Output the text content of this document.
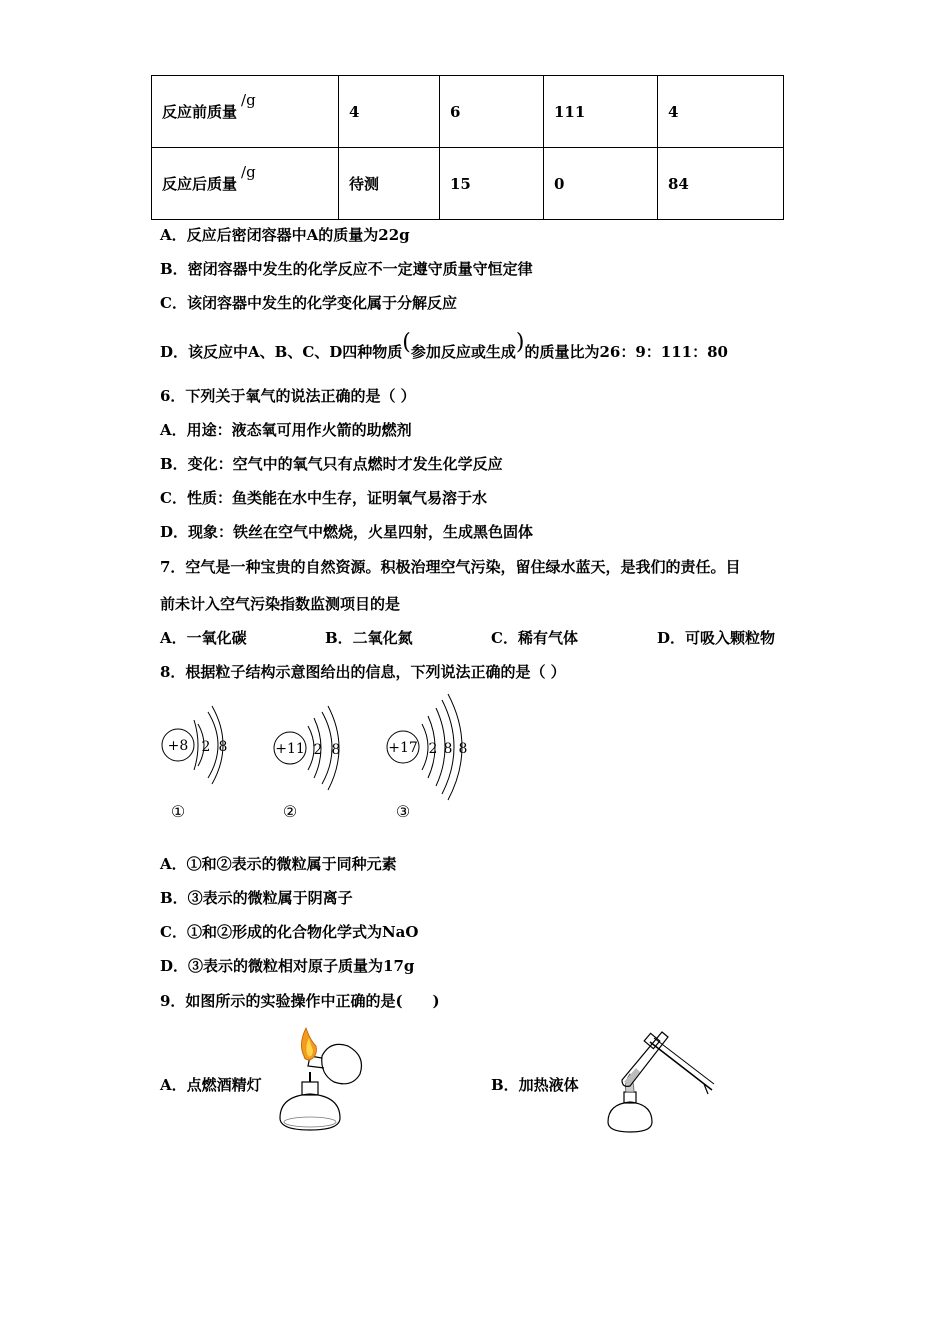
反应前质量/g	4	6	111	4
反应后质量/g	待测	15	0	84
A．反应后密闭容器中A的质量为22g
B．密闭容器中发生的化学反应不一定遵守质量守恒定律
C．该闭容器中发生的化学变化属于分解反应
D．该反应中A、B、C、D四种物质(参加反应或生成)的质量比为26：9：111：80
6．下列关于氧气的说法正确的是（ ）
A．用途：液态氧可用作火箭的助燃剂
B．变化：空气中的氧气只有点燃时才发生化学反应
C．性质：鱼类能在水中生存，证明氧气易溶于水
D．现象：铁丝在空气中燃烧，火星四射，生成黑色固体
7．空气是一种宝贵的自然资源。积极治理空气污染，留住绿水蓝天，是我们的责任。目
前未计入空气污染指数监测项目的是
A．一氧化碳	B．二氧化氮	C．稀有气体	D．可吸入颗粒物
8．根据粒子结构示意图给出的信息，下列说法正确的是（ ）
+8 2 8
①
+11 2 8
②
+17 2 8 8
③
A．①和②表示的微粒属于同种元素
B．③表示的微粒属于阴离子
C．①和②形成的化合物化学式为NaO
D．③表示的微粒相对原子质量为17g
9．如图所示的实验操作中正确的是(　　)
A．点燃酒精灯	B．加热液体
